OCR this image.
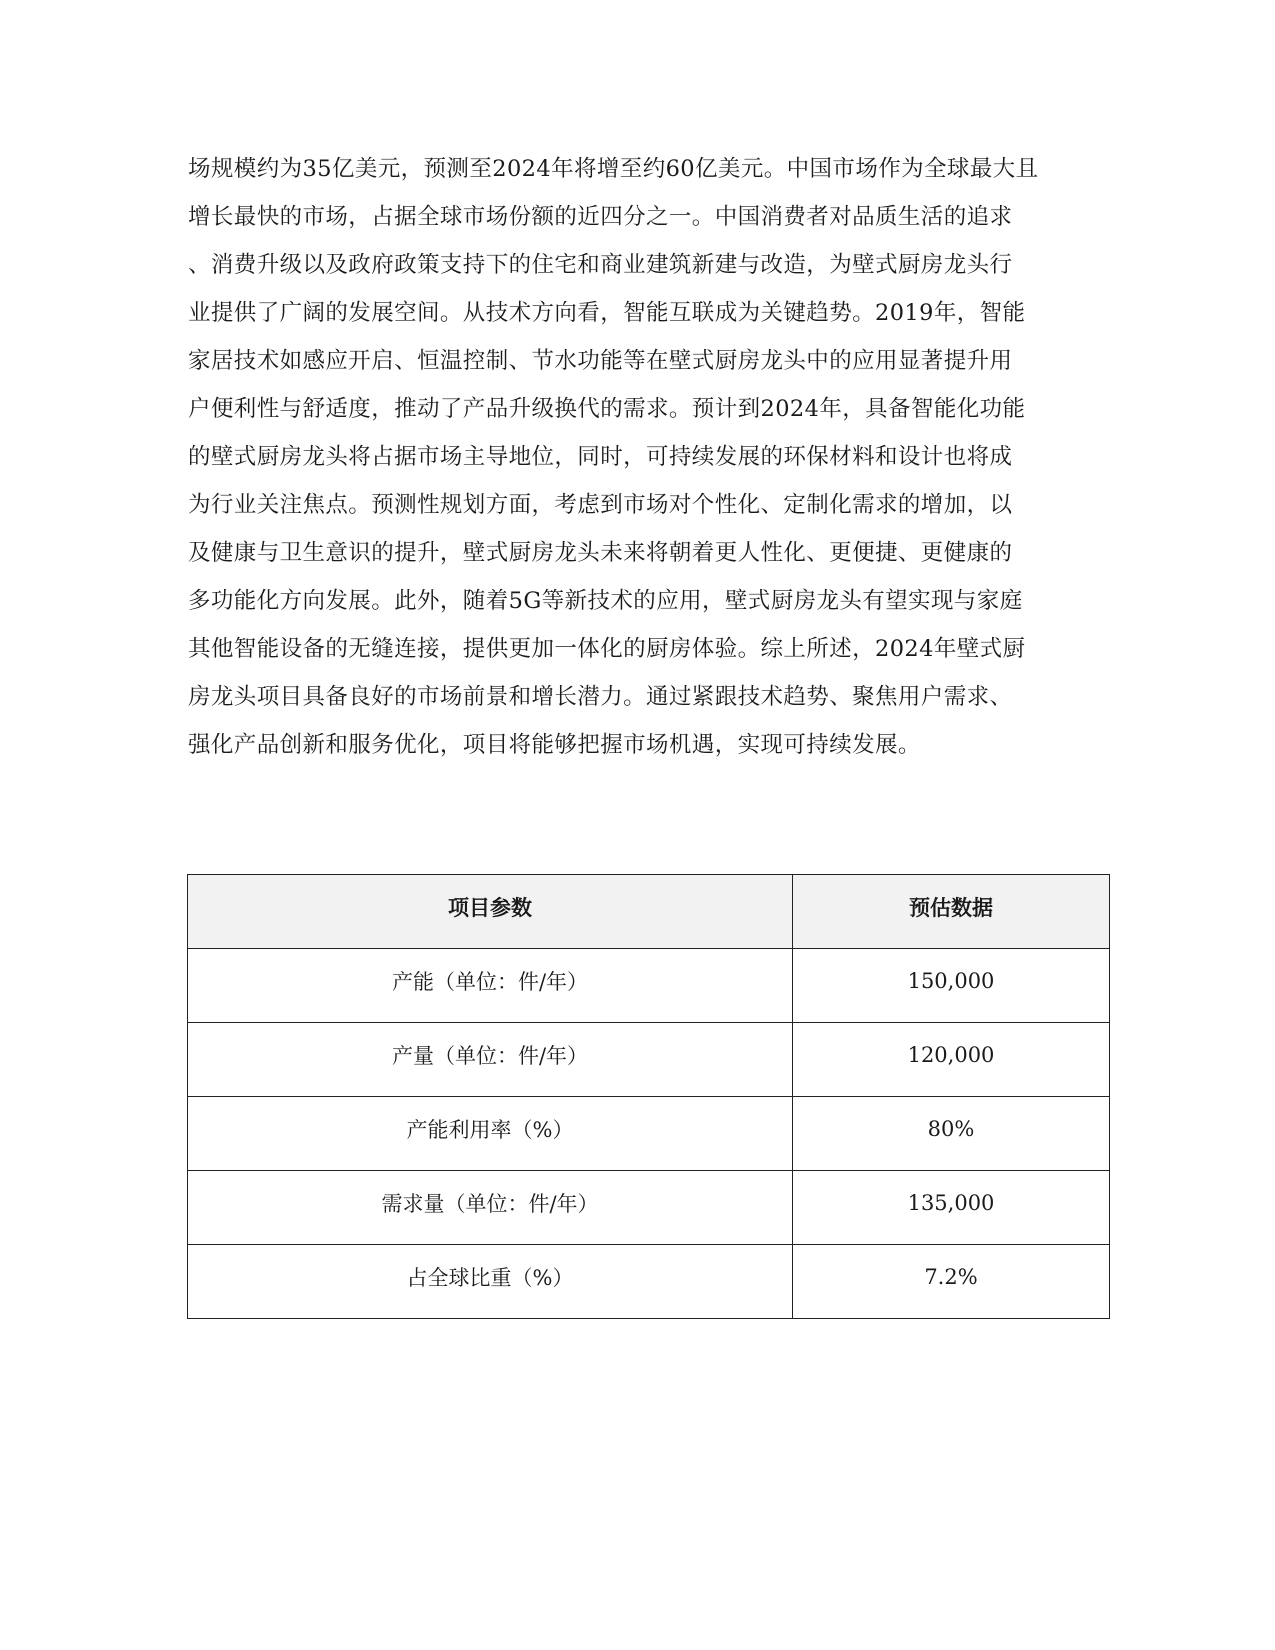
场规模约为35亿美元，预测至2024年将增至约60亿美元。中国市场作为全球最大且
增长最快的市场，占据全球市场份额的近四分之一。中国消费者对品质生活的追求
、消费升级以及政府政策支持下的住宅和商业建筑新建与改造，为壁式厨房龙头行
业提供了广阔的发展空间。从技术方向看，智能互联成为关键趋势。2019年，智能
家居技术如感应开启、恒温控制、节水功能等在壁式厨房龙头中的应用显著提升用
户便利性与舒适度，推动了产品升级换代的需求。预计到2024年，具备智能化功能
的壁式厨房龙头将占据市场主导地位，同时，可持续发展的环保材料和设计也将成
为行业关注焦点。预测性规划方面，考虑到市场对个性化、定制化需求的增加，以
及健康与卫生意识的提升，壁式厨房龙头未来将朝着更人性化、更便捷、更健康的
多功能化方向发展。此外，随着5G等新技术的应用，壁式厨房龙头有望实现与家庭
其他智能设备的无缝连接，提供更加一体化的厨房体验。综上所述，2024年壁式厨
房龙头项目具备良好的市场前景和增长潜力。通过紧跟技术趋势、聚焦用户需求、
强化产品创新和服务优化，项目将能够把握市场机遇，实现可持续发展。
项目参数	预估数据
产能（单位：件/年）	150,000
产量（单位：件/年）	120,000
产能利用率（%）	80%
需求量（单位：件/年）	135,000
占全球比重（%）	7.2%
